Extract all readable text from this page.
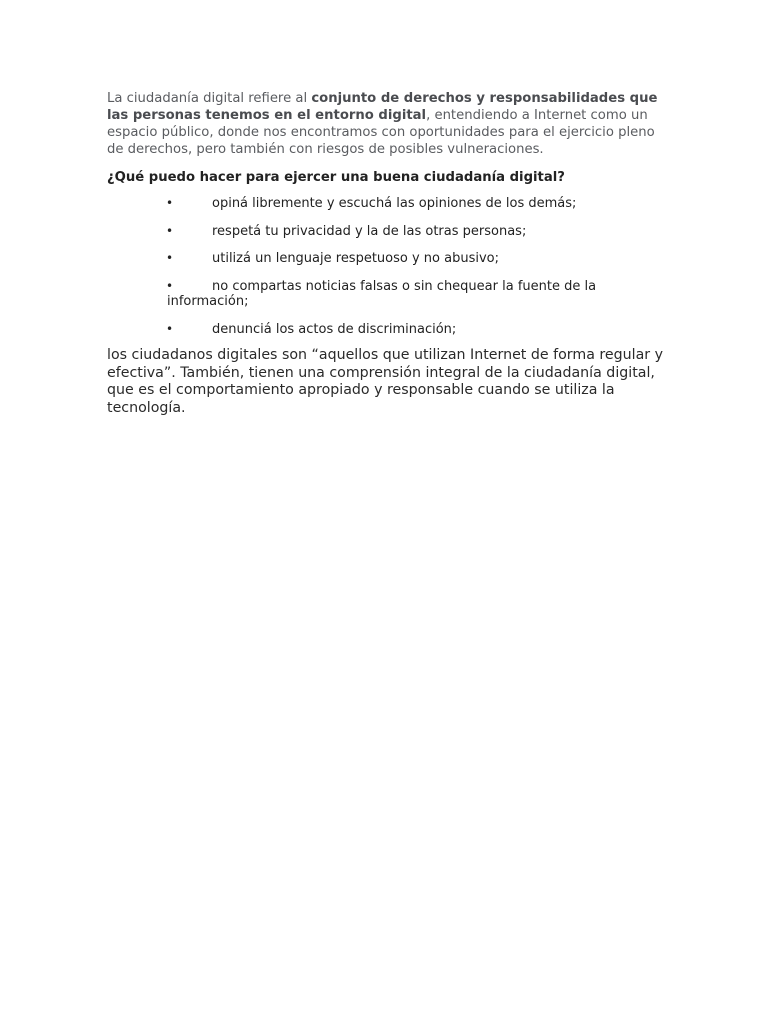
La ciudadanía digital refiere al conjunto de derechos y responsabilidades que las personas tenemos en el entorno digital, entendiendo a Internet como un espacio público, donde nos encontramos con oportunidades para el ejercicio pleno de derechos, pero también con riesgos de posibles vulneraciones.

¿Qué puedo hacer para ejercer una buena ciudadanía digital?

•	opiná libremente y escuchá las opiniones de los demás;
•	respetá tu privacidad y la de las otras personas;
•	utilizá un lenguaje respetuoso y no abusivo;
•	no compartas noticias falsas o sin chequear la fuente de la información;
•	denunciá los actos de discriminación;

los ciudadanos digitales son “aquellos que utilizan Internet de forma regular y efectiva”. También, tienen una comprensión integral de la ciudadanía digital, que es el comportamiento apropiado y responsable cuando se utiliza la tecnología.
